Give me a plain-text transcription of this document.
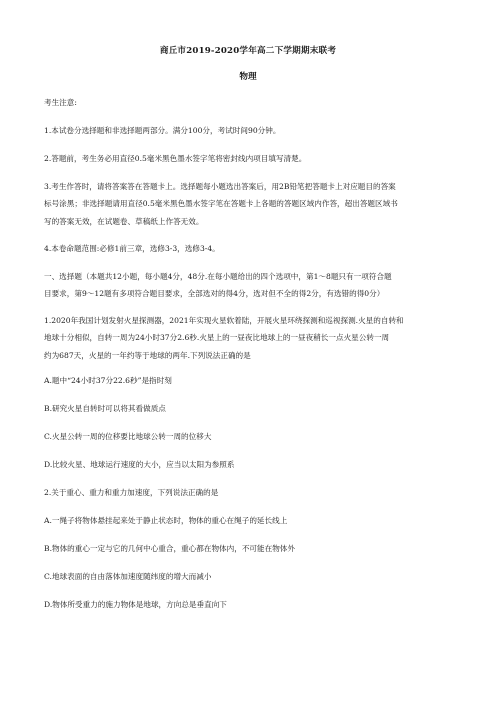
商丘市2019-2020学年高二下学期期末联考
物理
考生注意:
1.本试卷分选择题和非选择题两部分。满分100分，考试时间90分钟。
2.答题前，考生务必用直径0.5毫米黑色墨水签字笔将密封线内项目填写清楚。
3.考生作答时，请将答案答在答题卡上。选择题每小题选出答案后，用2B铅笔把答题卡上对应题目的答案
标号涂黑；非选择题请用直径0.5毫米黑色墨水签字笔在答题卡上各题的答题区域内作答，超出答题区域书
写的答案无效，在试题卷、草稿纸上作答无效。
4.本卷命题范围:必修1前三章，选修3-3，选修3-4。
一、选择题（本题共12小题，每小题4分，48分.在每小题给出的四个选项中，第1～8题只有一项符合题
目要求，第9～12题有多项符合题目要求，全部选对的得4分，选对但不全的得2分，有选错的得0分）
1.2020年我国计划发射火星探测器，2021年实现火星软着陆，开展火星环绕探测和巡视探测.火星的自转和
地球十分相似，自转一周为24小时37分2.6秒.火星上的一昼夜比地球上的一昼夜稍长一点火星公转一周
约为687天，火星的一年约等于地球的两年.下列说法正确的是
A.题中“24小时37分22.6秒”是指时刻
B.研究火星自转时可以将其看做质点
C.火星公转一周的位移要比地球公转一周的位移大
D.比较火星、地球运行速度的大小，应当以太阳为参照系
2.关于重心、重力和重力加速度，下列说法正确的是
A.一绳子将物体悬挂起来处于静止状态时，物体的重心在绳子的延长线上
B.物体的重心一定与它的几何中心重合，重心都在物体内，不可能在物体外
C.地球表面的自由落体加速度随纬度的增大而减小
D.物体所受重力的施力物体是地球，方向总是垂直向下
